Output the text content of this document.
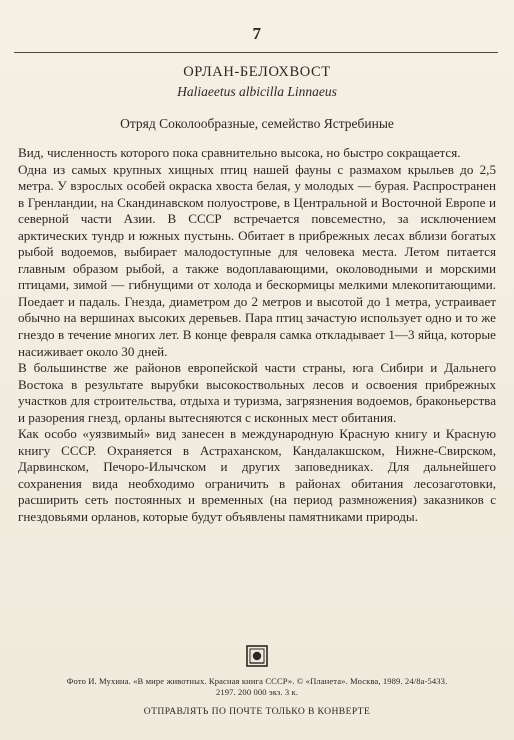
7
ОРЛАН-БЕЛОХВОСТ
Haliaeetus albicilla Linnaeus
Отряд Соколообразные, семейство Ястребиные

Вид, численность которого пока сравнительно высока, но быстро сокращается.

Одна из самых крупных хищных птиц нашей фауны с размахом крыльев до 2,5 метра. У взрослых особей окраска хвоста белая, у молодых — бурая. Распространен в Гренландии, на Скандинавском полуострове, в Центральной и Восточной Европе и северной части Азии. В СССР встречается повсеместно, за исключением арктических тундр и южных пустынь. Обитает в прибрежных лесах вблизи богатых рыбой водоемов, выбирает малодоступные для человека места. Летом питается главным образом рыбой, а также водоплавающими, околоводными и морскими птицами, зимой — гибнущими от холода и бескормицы мелкими млекопитающими. Поедает и падаль. Гнезда, диаметром до 2 метров и высотой до 1 метра, устраивает обычно на вершинах высоких деревьев. Пара птиц зачастую использует одно и то же гнездо в течение многих лет. В конце февраля самка откладывает 1—3 яйца, которые насиживает около 30 дней.

В большинстве же районов европейской части страны, юга Сибири и Дальнего Востока в результате вырубки высокоствольных лесов и освоения прибрежных участков для строительства, отдыха и туризма, загрязнения водоемов, браконьерства и разорения гнезд, орланы вытесняются с исконных мест обитания.

Как особо «уязвимый» вид занесен в международную Красную книгу и Красную книгу СССР. Охраняется в Астраханском, Кандалакшском, Нижне-Свирском, Дарвинском, Печоро-Илычском и других заповедниках. Для дальнейшего сохранения вида необходимо ограничить в районах обитания лесозаготовки, расширить сеть постоянных и временных (на период размножения) заказников с гнездовьями орланов, которые будут объявлены памятниками природы.

Фото И. Мухина. «В мире животных. Красная книга СССР». © «Планета». Москва, 1989. 24/8а-5433.
2197. 200 000 экз. 3 к.
ОТПРАВЛЯТЬ ПО ПОЧТЕ ТОЛЬКО В КОНВЕРТЕ
